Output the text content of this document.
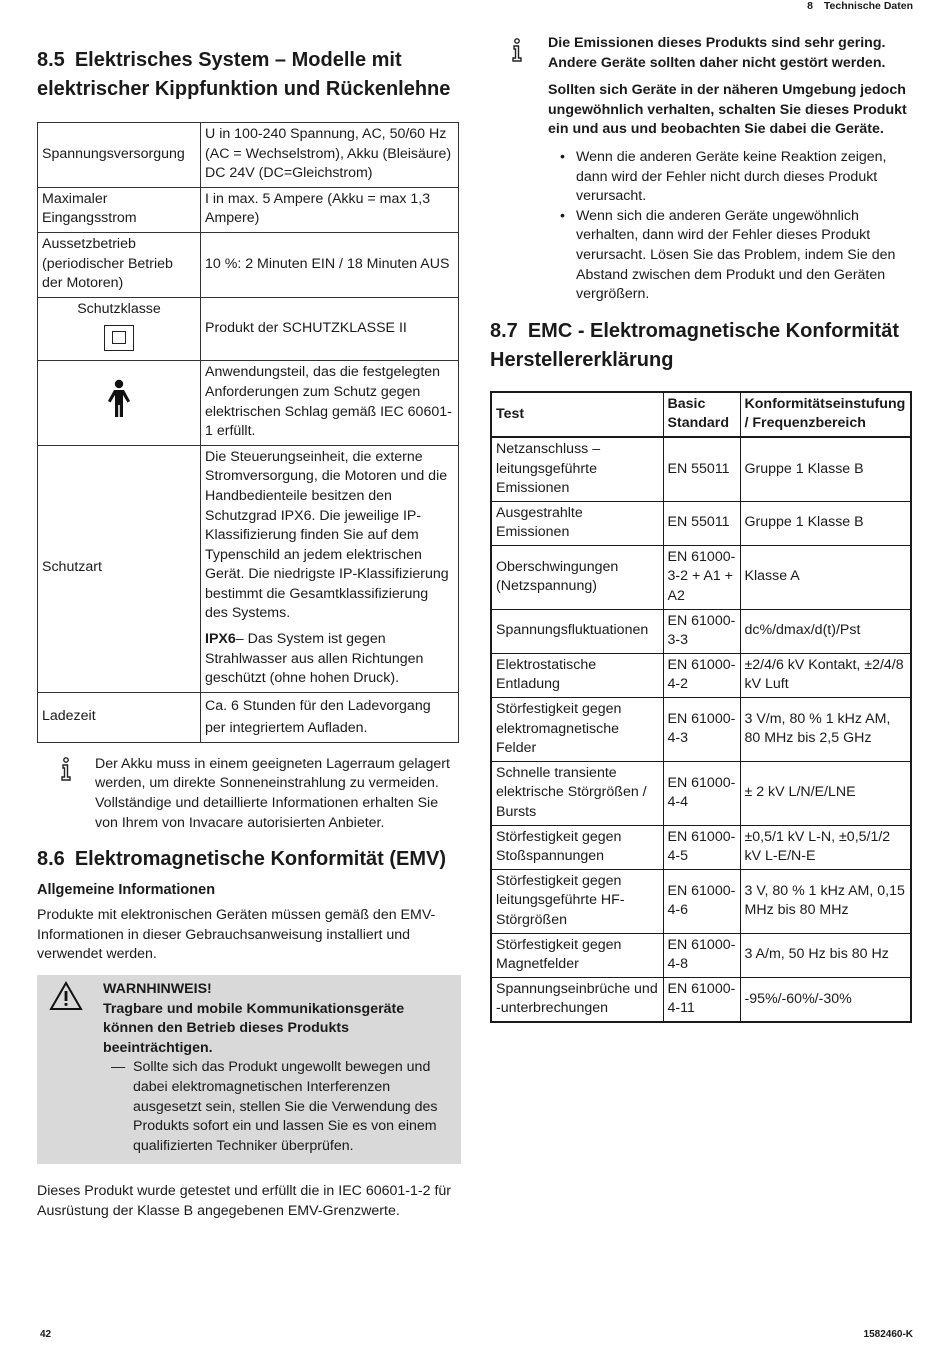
8 Technische Daten
8.5 Elektrisches System – Modelle mit elektrischer Kippfunktion und Rückenlehne
Spannungsversorgung	U in 100-240 Spannung, AC, 50/60 Hz (AC = Wechselstrom), Akku (Bleisäure) DC 24V (DC=Gleichstrom)
Maximaler Eingangsstrom	I in max. 5 Ampere (Akku = max 1,3 Ampere)
Aussetzbetrieb (periodischer Betrieb der Motoren)	10 %: 2 Minuten EIN / 18 Minuten AUS

Schutzklasse	Produkt der SCHUTZKLASSE II
	Anwendungsteil, das die festgelegten Anforderungen zum Schutz gegen elektrischen Schlag gemäß IEC 60601-1 erfüllt.
Schutzart	Die Steuerungseinheit, die externe Stromversorgung, die Motoren und die Handbedienteile besitzen den Schutzgrad IPX6. Die jeweilige IP-Klassifizierung finden Sie auf dem Typenschild an jedem elektrischen Gerät. Die niedrigste IP-Klassifizierung bestimmt die Gesamtklassifizierung des Systems.
IPX6– Das System ist gegen Strahlwasser aus allen Richtungen geschützt (ohne hohen Druck).

Ladezeit	Ca. 6 Stunden für den Ladevorgang per integriertem Aufladen.
Der Akku muss in einem geeigneten Lagerraum gelagert werden, um direkte Sonneneinstrahlung zu vermeiden. Vollständige und detaillierte Informationen erhalten Sie von Ihrem von Invacare autorisierten Anbieter.
8.6 Elektromagnetische Konformität (EMV)
Allgemeine Informationen

Produkte mit elektronischen Geräten müssen gemäß den EMV-Informationen in dieser Gebrauchsanweisung installiert und verwendet werden.

WARNHINWEIS!
Tragbare und mobile Kommunikationsgeräte können den Betrieb dieses Produkts beeinträchtigen.
— Sollte sich das Produkt ungewollt bewegen und dabei elektromagnetischen Interferenzen ausgesetzt sein, stellen Sie die Verwendung des Produkts sofort ein und lassen Sie es von einem qualifizierten Techniker überprüfen.

Dieses Produkt wurde getestet und erfüllt die in IEC 60601-1-2 für Ausrüstung der Klasse B angegebenen EMV-Grenzwerte.

Die Emissionen dieses Produkts sind sehr gering. Andere Geräte sollten daher nicht gestört werden.
Sollten sich Geräte in der näheren Umgebung jedoch ungewöhnlich verhalten, schalten Sie dieses Produkt ein und aus und beobachten Sie dabei die Geräte.
• Wenn die anderen Geräte keine Reaktion zeigen, dann wird der Fehler nicht durch dieses Produkt verursacht.
• Wenn sich die anderen Geräte ungewöhnlich verhalten, dann wird der Fehler dieses Produkt verursacht. Lösen Sie das Problem, indem Sie den Abstand zwischen dem Produkt und den Geräten vergrößern.
8.7 EMC - Elektromagnetische Konformität Herstellererklärung
Test	Basic Standard	Konformitätseinstufung / Frequenzbereich
Netzanschluss – leitungsgeführte Emissionen	EN 55011	Gruppe 1 Klasse B
Ausgestrahlte Emissionen	EN 55011	Gruppe 1 Klasse B
Oberschwingungen (Netzspannung)	EN 61000-3-2 + A1 + A2	Klasse A
Spannungsfluktuationen	EN 61000-3-3	dc%/dmax/d(t)/Pst
Elektrostatische Entladung	EN 61000-4-2	±2/4/6 kV Kontakt, ±2/4/8 kV Luft
Störfestigkeit gegen elektromagnetische Felder	EN 61000-4-3	3 V/m, 80 % 1 kHz AM, 80 MHz bis 2,5 GHz
Schnelle transiente elektrische Störgrößen / Bursts	EN 61000-4-4	± 2 kV L/N/E/LNE
Störfestigkeit gegen Stoßspannungen	EN 61000-4-5	±0,5/1 kV L-N, ±0,5/1/2 kV L-E/N-E
Störfestigkeit gegen leitungsgeführte HF-Störgrößen	EN 61000-4-6	3 V, 80 % 1 kHz AM, 0,15 MHz bis 80 MHz
Störfestigkeit gegen Magnetfelder	EN 61000-4-8	3 A/m, 50 Hz bis 80 Hz
Spannungseinbrüche und -unterbrechungen	EN 61000-4-11	-95%/-60%/-30%
42	1582460-K
